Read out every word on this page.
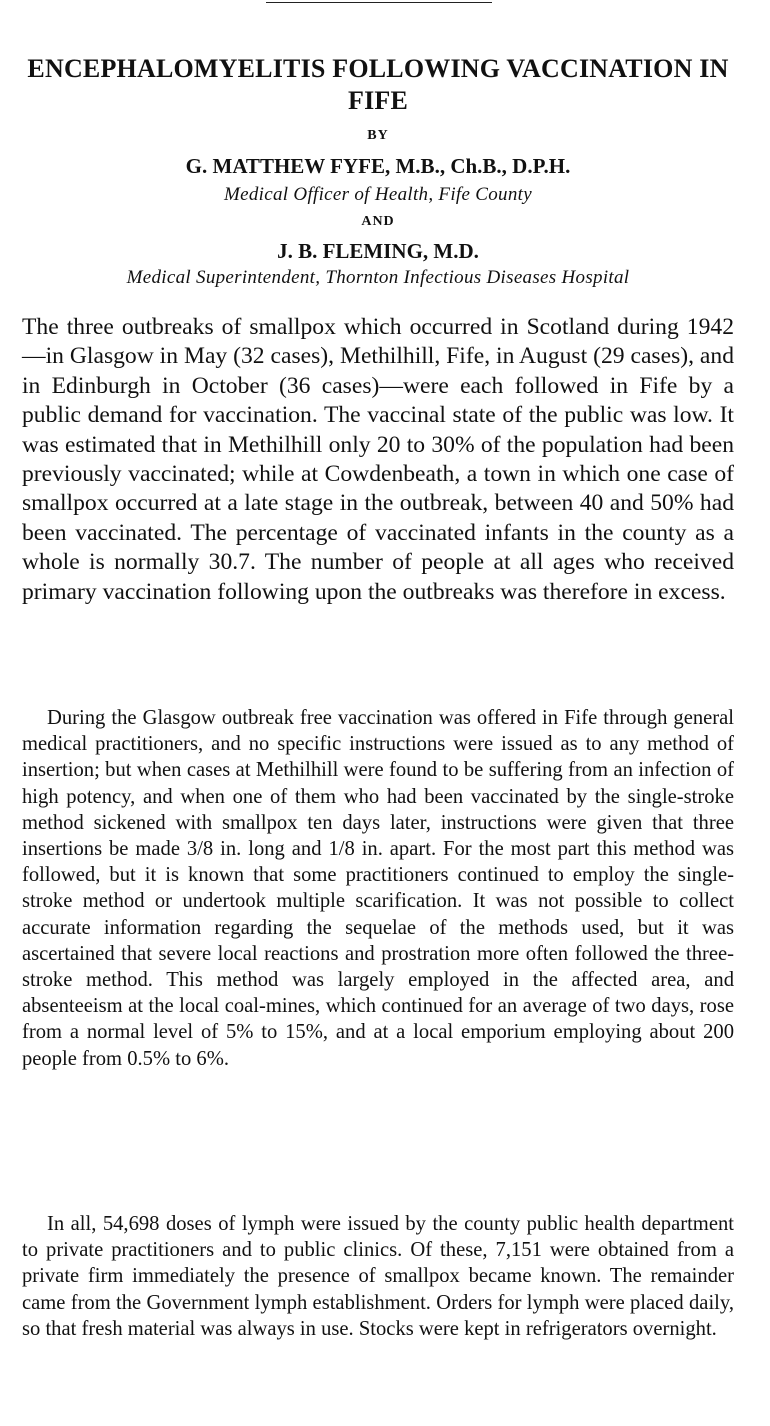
ENCEPHALOMYELITIS FOLLOWING VACCINATION IN FIFE
BY
G. MATTHEW FYFE, M.B., Ch.B., D.P.H.
Medical Officer of Health, Fife County
AND
J. B. FLEMING, M.D.
Medical Superintendent, Thornton Infectious Diseases Hospital

The three outbreaks of smallpox which occurred in Scotland during 1942—in Glasgow in May (32 cases), Methilhill, Fife, in August (29 cases), and in Edinburgh in October (36 cases)—were each followed in Fife by a public demand for vaccination. The vaccinal state of the public was low. It was estimated that in Methilhill only 20 to 30% of the population had been previously vaccinated; while at Cowdenbeath, a town in which one case of smallpox occurred at a late stage in the outbreak, between 40 and 50% had been vaccinated. The percentage of vaccinated infants in the county as a whole is normally 30.7. The number of people at all ages who received primary vaccination following upon the outbreaks was therefore in excess.

During the Glasgow outbreak free vaccination was offered in Fife through general medical practitioners, and no specific instructions were issued as to any method of insertion; but when cases at Methilhill were found to be suffering from an infection of high potency, and when one of them who had been vaccinated by the single-stroke method sickened with smallpox ten days later, instructions were given that three insertions be made 3/8 in. long and 1/8 in. apart. For the most part this method was followed, but it is known that some practitioners continued to employ the single-stroke method or undertook multiple scarification. It was not possible to collect accurate information regarding the sequelae of the methods used, but it was ascertained that severe local reactions and prostration more often followed the three-stroke method. This method was largely employed in the affected area, and absenteeism at the local coal-mines, which continued for an average of two days, rose from a normal level of 5% to 15%, and at a local emporium employing about 200 people from 0.5% to 6%.

In all, 54,698 doses of lymph were issued by the county public health department to private practitioners and to public clinics. Of these, 7,151 were obtained from a private firm immediately the presence of smallpox became known. The remainder came from the Government lymph establishment. Orders for lymph were placed daily, so that fresh material was always in use. Stocks were kept in refrigerators overnight.
